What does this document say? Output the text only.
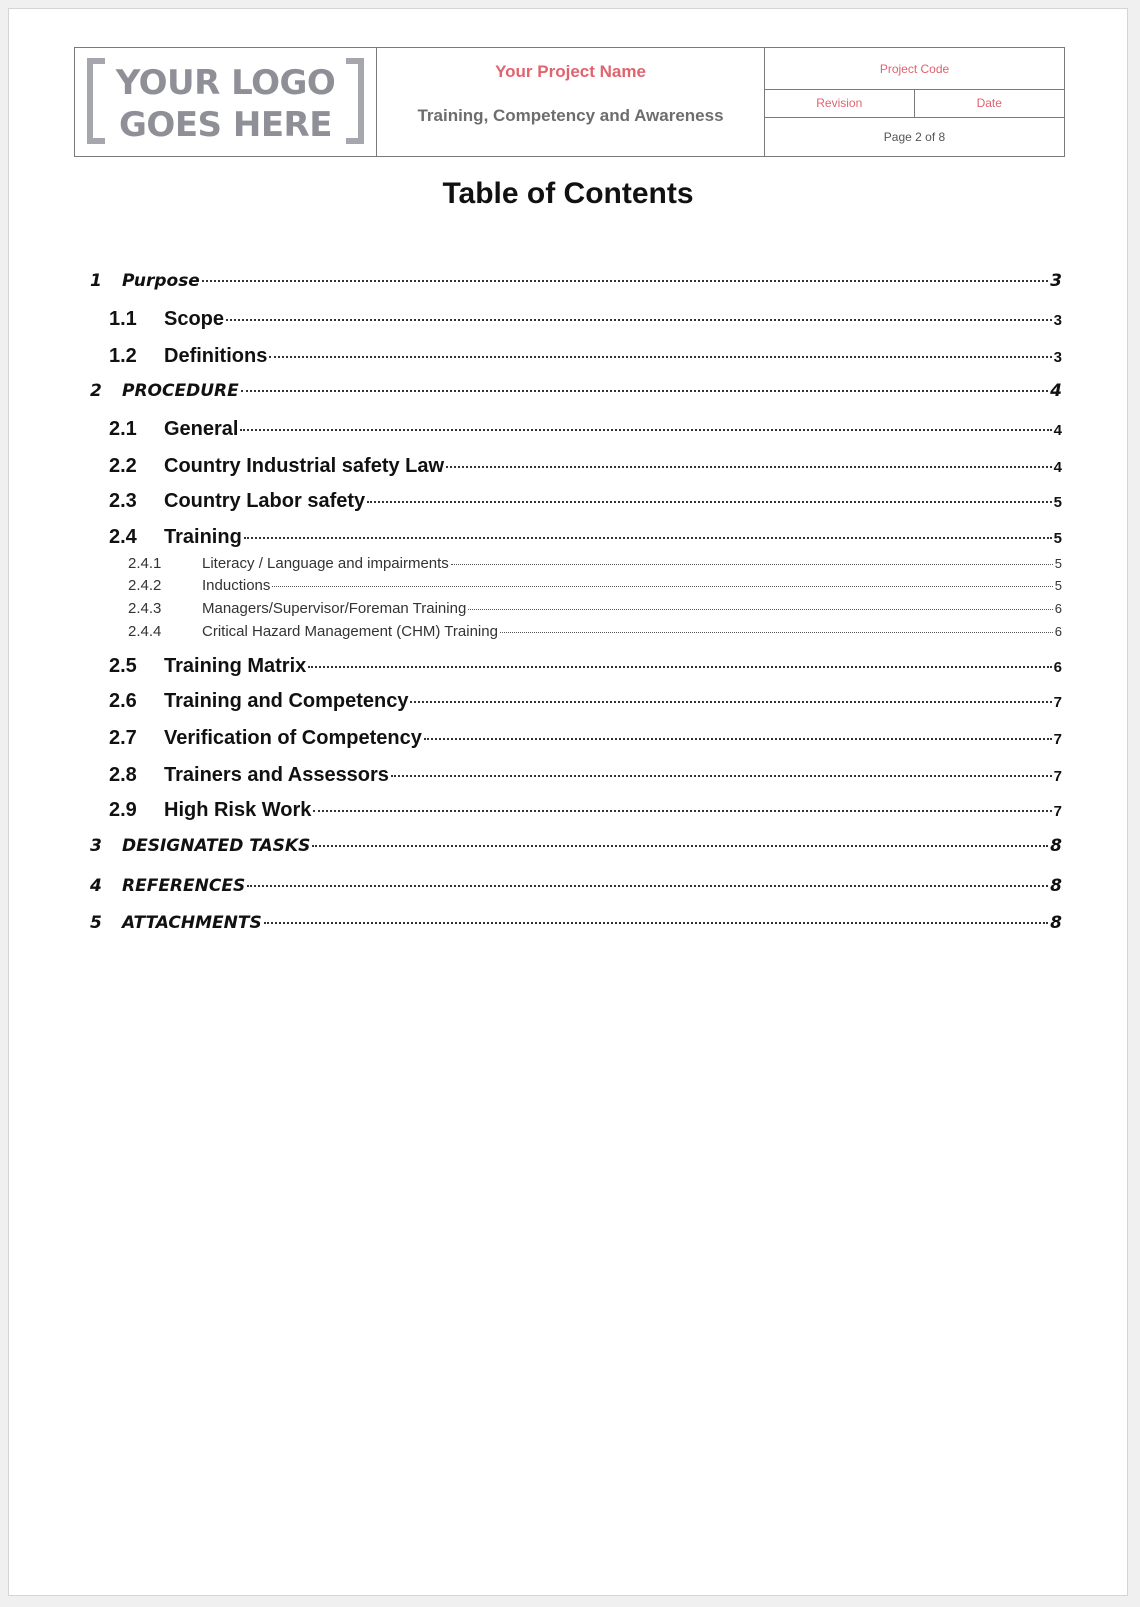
YOUR LOGO
GOES HERE
Your Project Name
Training, Competency and Awareness
Project Code
Revision	Date
Page 2 of 8
Table of Contents
1	Purpose	3
1.1	Scope	3
1.2	Definitions	3
2	PROCEDURE	4
2.1	General	4
2.2	Country Industrial safety Law	4
2.3	Country Labor safety	5
2.4	Training	5
2.4.1	Literacy / Language and impairments	5
2.4.2	Inductions	5
2.4.3	Managers/Supervisor/Foreman Training	6
2.4.4	Critical Hazard Management (CHM) Training	6
2.5	Training Matrix	6
2.6	Training and Competency	7
2.7	Verification of Competency	7
2.8	Trainers and Assessors	7
2.9	High Risk Work	7
3	DESIGNATED TASKS	8
4	REFERENCES	8
5	ATTACHMENTS	8
